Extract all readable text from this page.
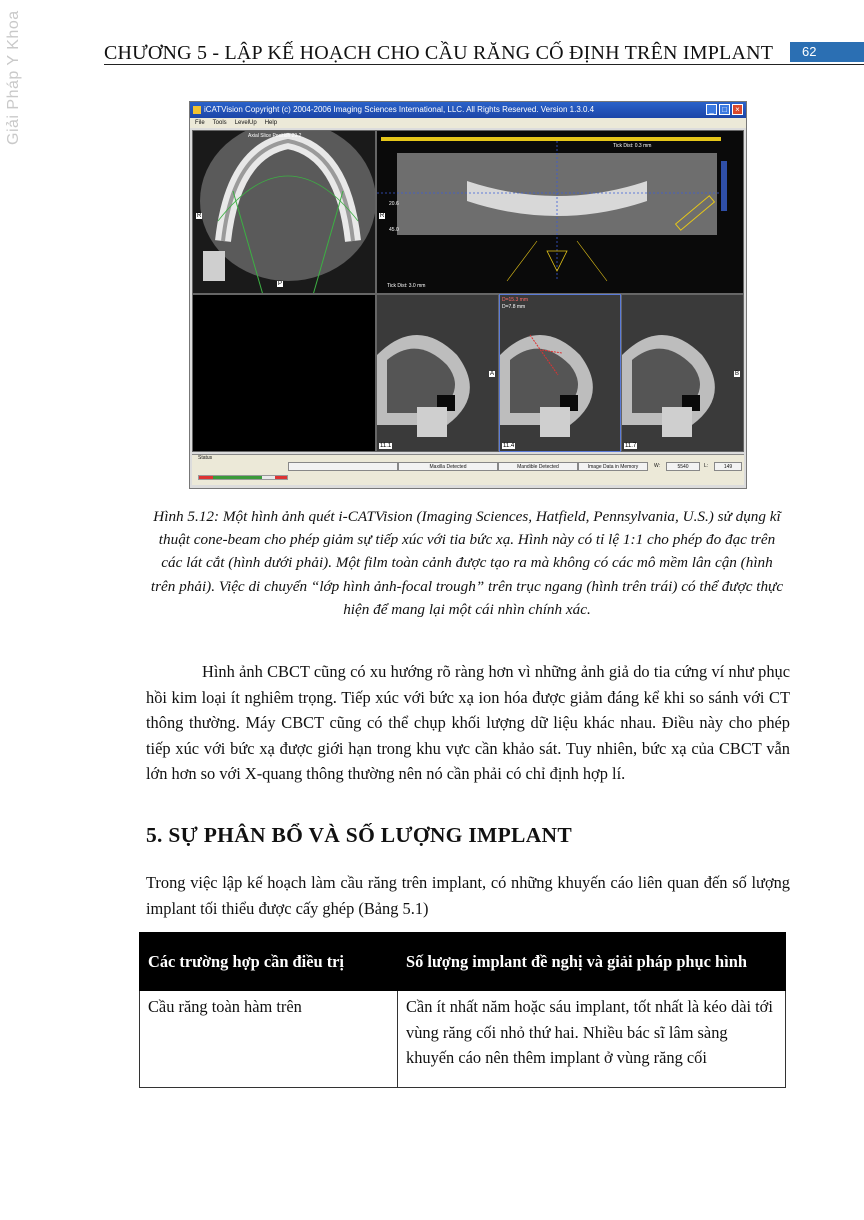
Giải Pháp Y Khoa	CHƯƠNG 5 - LẬP KẾ HOẠCH CHO CẦU RĂNG CỐ ĐỊNH TRÊN IMPLANT	62
iCATVision Copyright (c) 2004-2006 Imaging Sciences International, LLC. All Rights Reserved. Version 1.3.0.4	_	□	×
File Tools LevelUp Help
Axial Slice Position 29.2
R
P
Tick Dist: 0.3 mm
20.6
45.0
Tick Dist: 3.0 mm
R
11.1
A
D=15.3 mm
D=7.8 mm
11.4	11.7
B
Status
Maxilla Detected	Mandible Detected	Image Data in Memory	W:	5540	L:	149
Hình 5.12: Một hình ảnh quét i-CATVision (Imaging Sciences, Hatfield, Pennsylvania, U.S.) sử dụng kĩ thuật cone-beam cho phép giảm sự tiếp xúc với tia bức xạ. Hình này có tỉ lệ 1:1 cho phép đo đạc trên các lát cắt (hình dưới phải). Một film toàn cảnh được tạo ra mà không có các mô mềm lân cận (hình trên phải). Việc di chuyển “lớp hình ảnh-focal trough” trên trục ngang (hình trên trái) có thể được thực hiện để mang lại một cái nhìn chính xác.
Hình ảnh CBCT cũng có xu hướng rõ ràng hơn vì những ảnh giả do tia cứng ví như phục hồi kim loại ít nghiêm trọng. Tiếp xúc với bức xạ ion hóa được giảm đáng kể khi so sánh với CT thông thường. Máy CBCT cũng có thể chụp khối lượng dữ liệu khác nhau. Điều này cho phép tiếp xúc với bức xạ được giới hạn trong khu vực cần khảo sát. Tuy nhiên, bức xạ của CBCT vẫn lớn hơn so với X-quang thông thường nên nó cần phải có chỉ định hợp lí.
5. SỰ PHÂN BỔ VÀ SỐ LƯỢNG IMPLANT
Trong việc lập kế hoạch làm cầu răng trên implant, có những khuyến cáo liên quan đến số lượng implant tối thiểu được cấy ghép (Bảng 5.1)
Các trường hợp cần điều trị	Số lượng implant đề nghị và giải pháp phục hình
Cầu răng toàn hàm trên	Cần ít nhất năm hoặc sáu implant, tốt nhất là kéo dài tới vùng răng cối nhỏ thứ hai. Nhiều bác sĩ lâm sàng khuyến cáo nên thêm implant ở vùng răng cối
